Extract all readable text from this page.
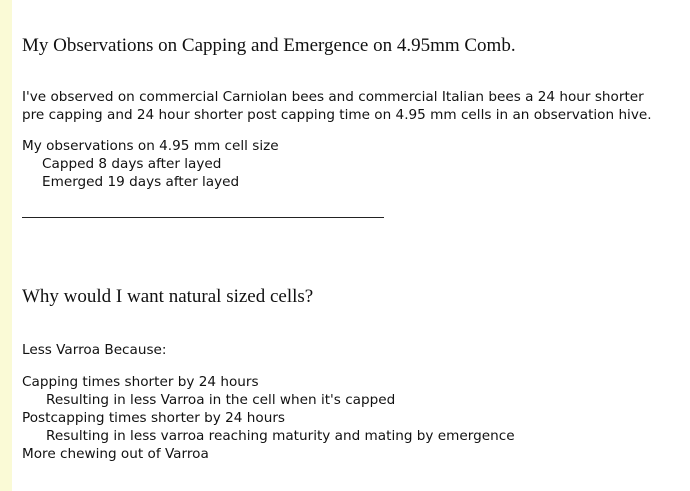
My Observations on Capping and Emergence on 4.95mm Comb.
I've observed on commercial Carniolan bees and commercial Italian bees a 24 hour shorter
pre capping and 24 hour shorter post capping time on 4.95 mm cells in an observation hive.
My observations on 4.95 mm cell size
Capped 8 days after layed
Emerged 19 days after layed
Why would I want natural sized cells?
Less Varroa Because:
Capping times shorter by 24 hours
Resulting in less Varroa in the cell when it's capped
Postcapping times shorter by 24 hours
Resulting in less varroa reaching maturity and mating by emergence
More chewing out of Varroa
